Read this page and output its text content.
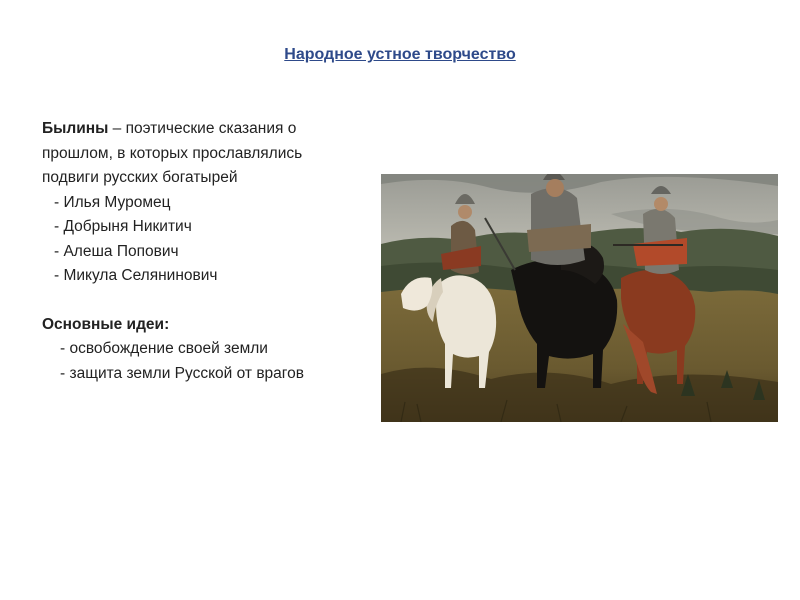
Народное устное творчество
Былины – поэтические сказания о
прошлом, в которых прославлялись
подвиги русских богатырей
- Илья Муромец
- Добрыня Никитич
- Алеша Попович
- Микула Селянинович
Основные идеи:
- освобождение своей земли
- защита земли Русской от врагов
